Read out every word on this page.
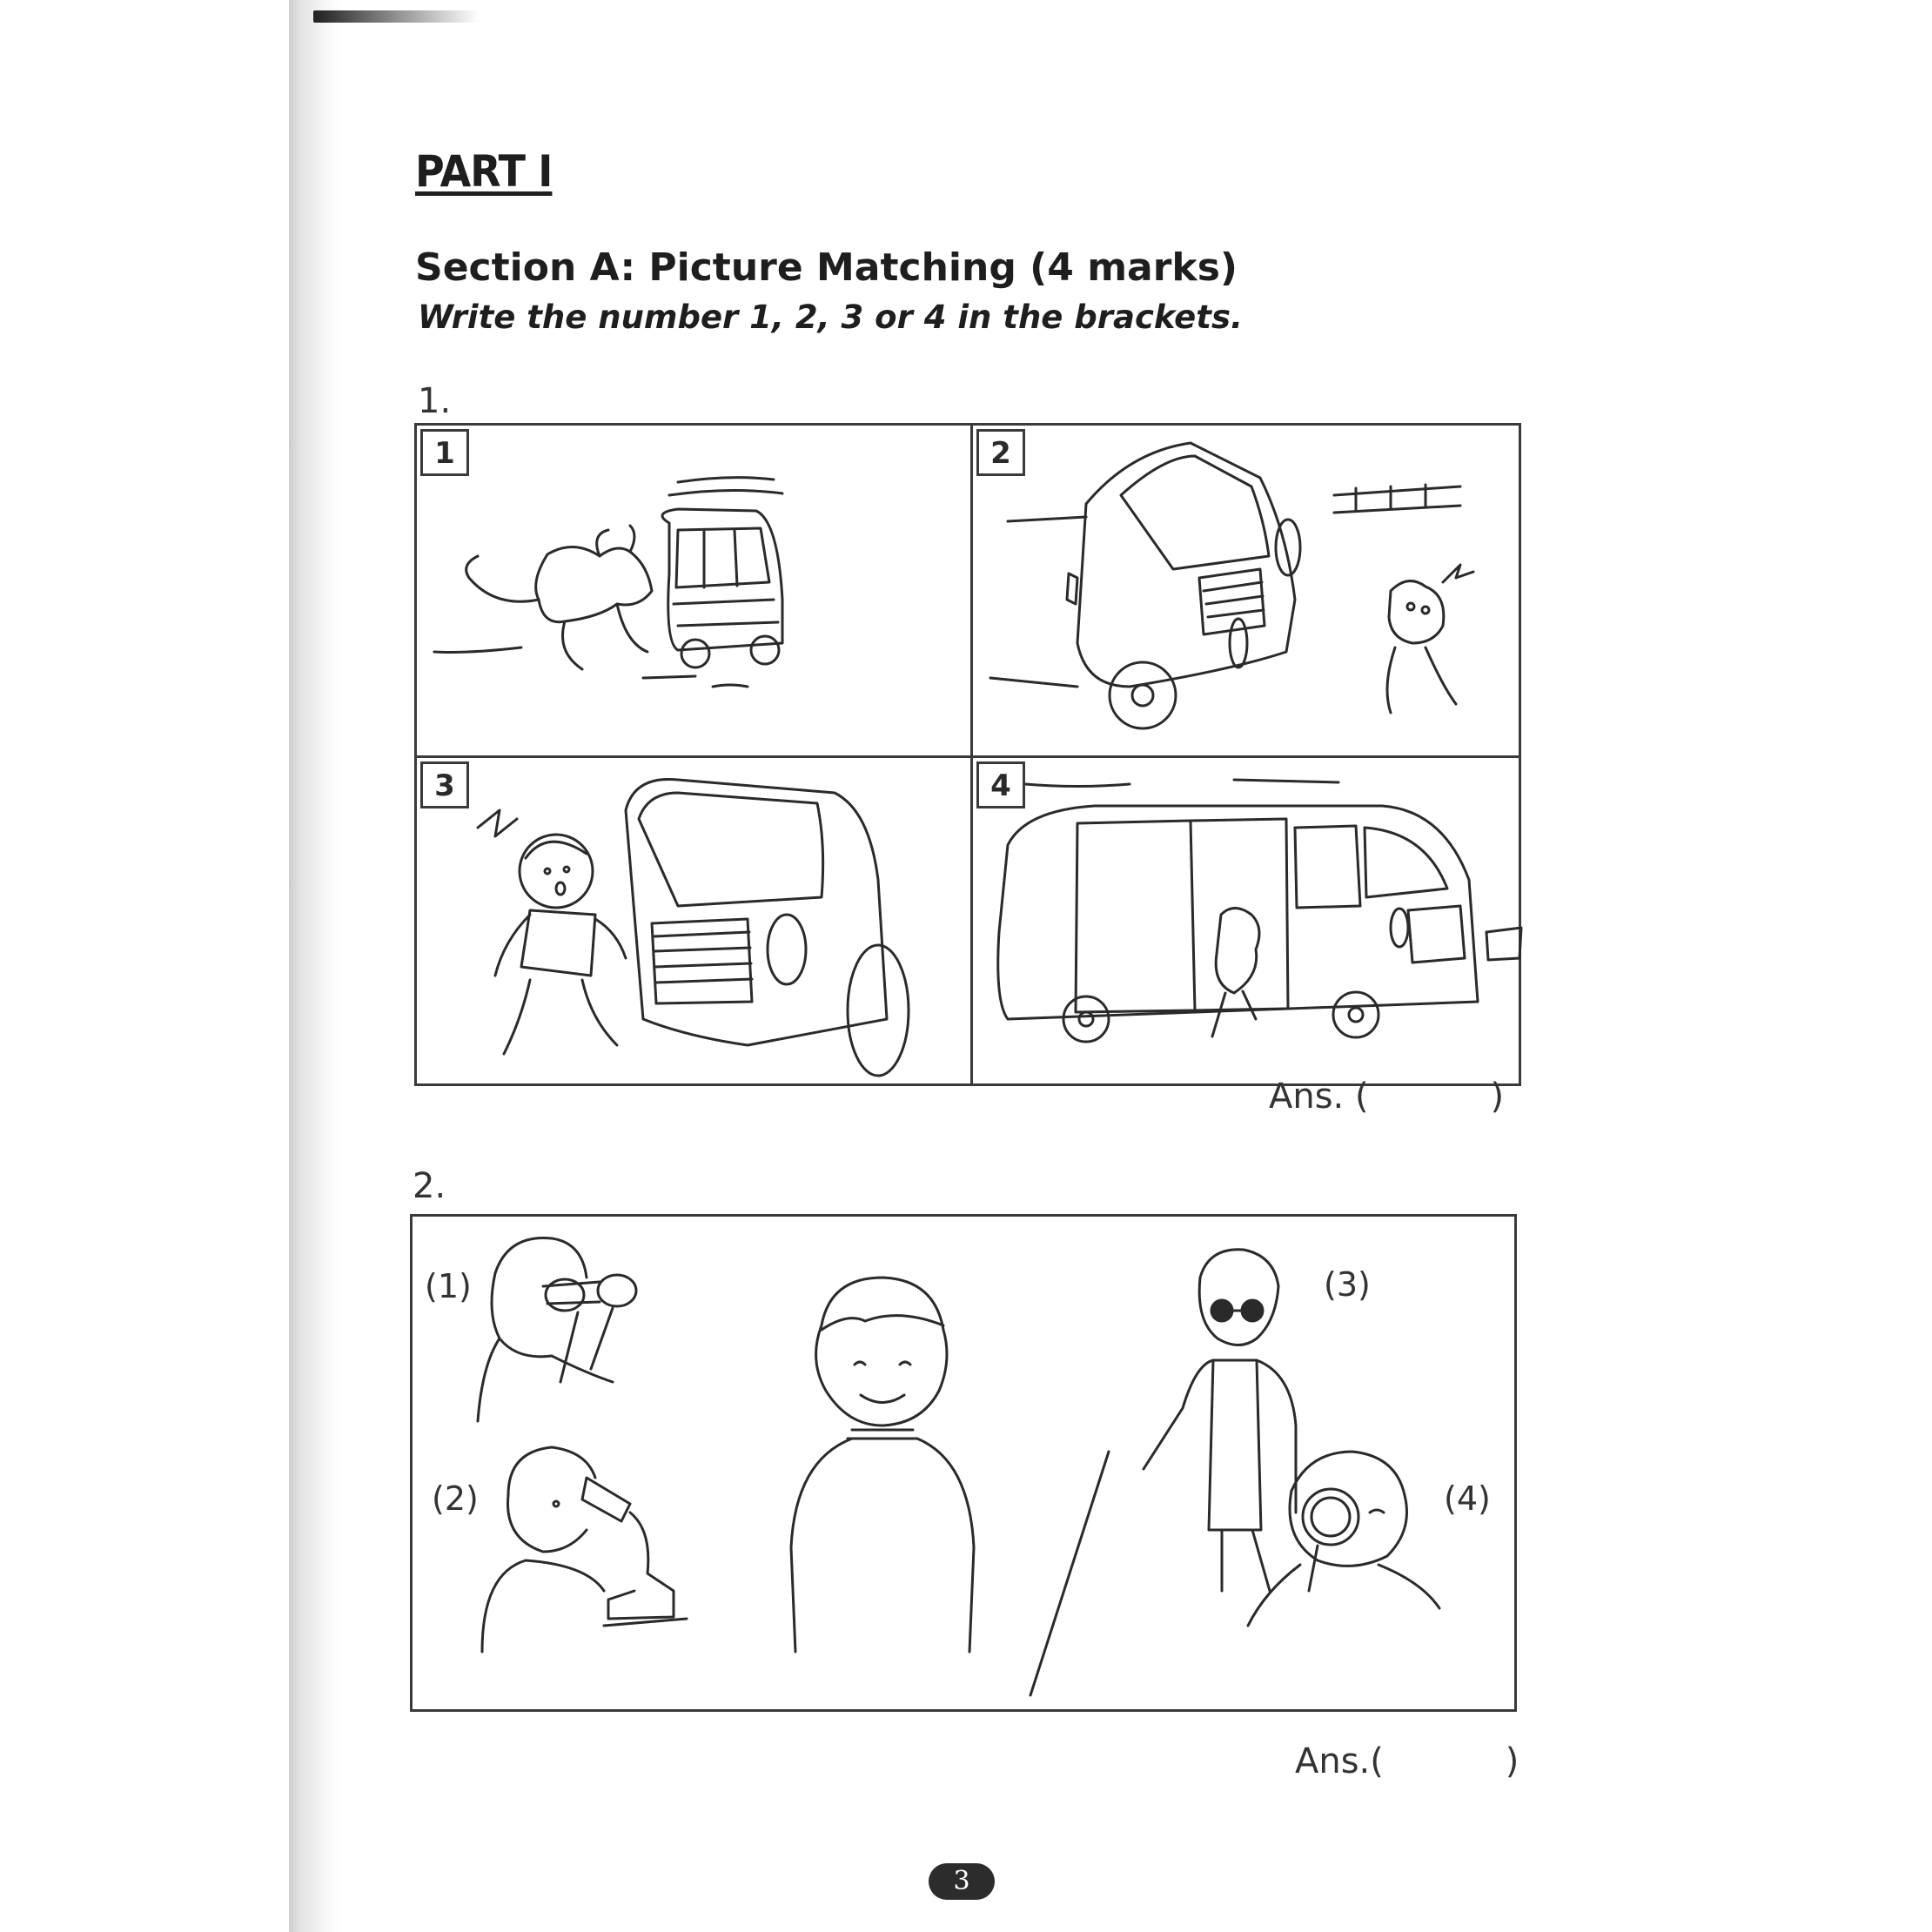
PART I
Section A: Picture Matching (4 marks)
Write the number 1, 2, 3 or 4 in the brackets.
1.
1	2
3	4
Ans. (           )
2.
(1)
(2)
(3)
(4)
Ans.(           )
3
